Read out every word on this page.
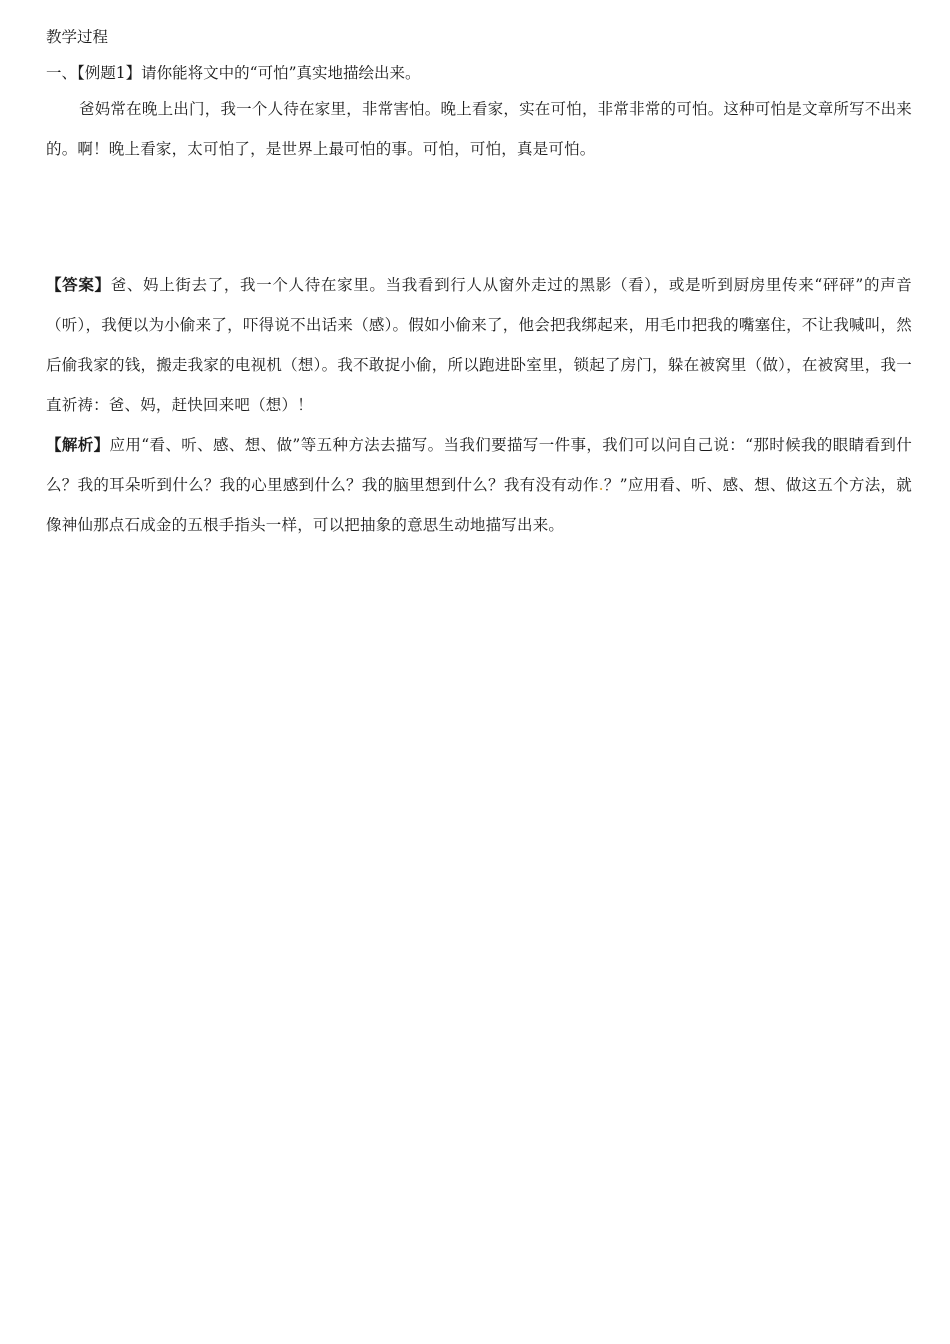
教学过程

一、【例题1】请你能将文中的“可怕”真实地描绘出来。

爸妈常在晚上出门，我一个人待在家里，非常害怕。晚上看家，实在可怕，非常非常的可怕。这种可怕是文章所写不出来的。啊！晚上看家，太可怕了，是世界上最可怕的事。可怕，可怕，真是可怕。

【答案】爸、妈上街去了，我一个人待在家里。当我看到行人从窗外走过的黑影（看），或是听到厨房里传来“砰砰”的声音（听），我便以为小偷来了，吓得说不出话来（感）。假如小偷来了，他会把我绑起来，用毛巾把我的嘴塞住，不让我喊叫，然后偷我家的钱，搬走我家的电视机（想）。我不敢捉小偷，所以跑进卧室里，锁起了房门，躲在被窝里（做），在被窝里，我一直祈祷：爸、妈，赶快回来吧（想）！

【解析】应用“看、听、感、想、做”等五种方法去描写。当我们要描写一件事，我们可以问自己说：“那时候我的眼睛看到什么？我的耳朵听到什么？我的心里感到什么？我的脑里想到什么？我有没有动作.？”应用看、听、感、想、做这五个方法，就像神仙那点石成金的五根手指头一样，可以把抽象的意思生动地描写出来。
